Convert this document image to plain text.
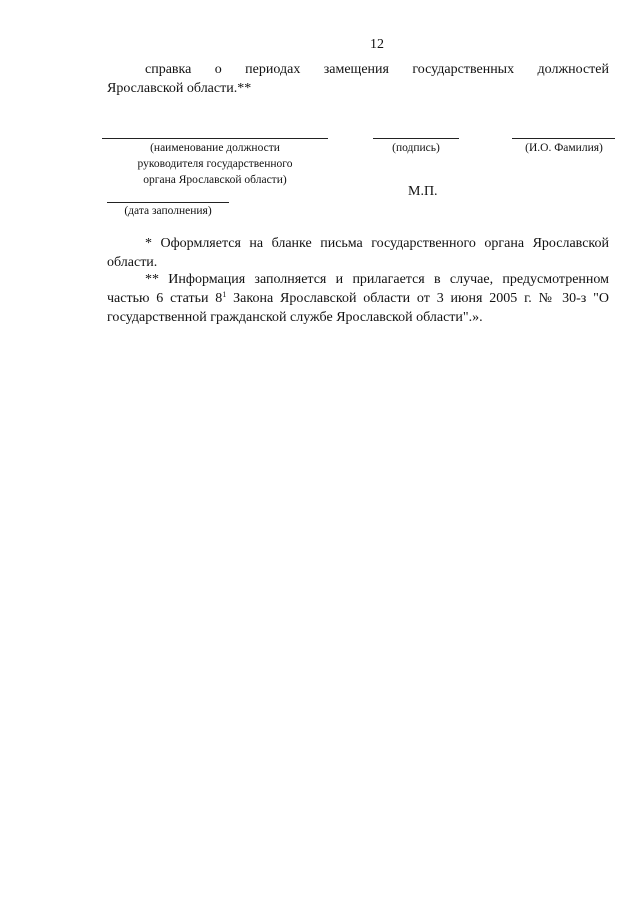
12
справка о периодах замещения государственных должностей
Ярославской области.**
(наименование должности
руководителя государственного
органа Ярославской области)
(подпись)	(И.О. Фамилия)
М.П.
(дата заполнения)
* Оформляется на бланке письма государственного органа Ярославской области.
** Информация заполняется и прилагается в случае, предусмотренном частью 6 статьи $8^1$ Закона Ярославской области от 3 июня 2005 г. № 30-з "О государственной гражданской службе Ярославской области".».
